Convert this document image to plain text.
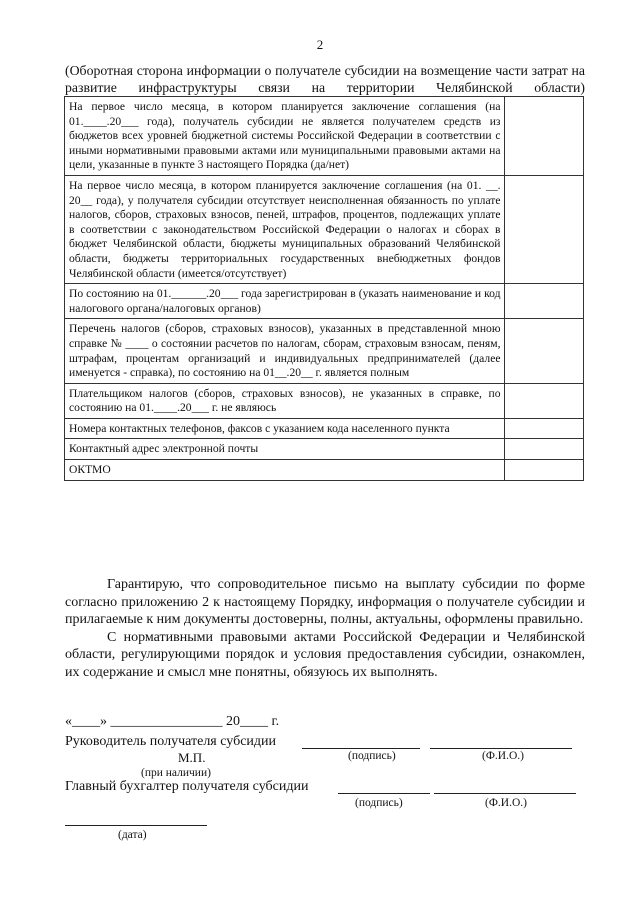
2
(Оборотная сторона информации о получателе субсидии на возмещение части затрат на развитие инфраструктуры связи на территории Челябинской области)
На первое число месяца, в котором планируется заключение соглашения (на 01.____.20___ года), получатель субсидии не является получателем средств из бюджетов всех уровней бюджетной системы Российской Федерации в соответствии с иными нормативными правовыми актами или муниципальными правовыми актами на цели, указанные в пункте 3 настоящего Порядка (да/нет)	
На первое число месяца, в котором планируется заключение соглашения (на 01. __. 20__ года), у получателя субсидии отсутствует неисполненная обязанность по уплате налогов, сборов, страховых взносов, пеней, штрафов, процентов, подлежащих уплате в соответствии с законодательством Российской Федерации о налогах и сборах в бюджет Челябинской области, бюджеты муниципальных образований Челябинской области, бюджеты территориальных государственных внебюджетных фондов Челябинской области (имеется/отсутствует)	
По состоянию на 01.______.20___ года зарегистрирован в (указать наименование и код налогового органа/налоговых органов)	
Перечень налогов (сборов, страховых взносов), указанных в представленной мною справке № ____ о состоянии расчетов по налогам, сборам, страховым взносам, пеням, штрафам, процентам организаций и индивидуальных предпринимателей (далее именуется - справка), по состоянию на 01__.20__ г. является полным	
Плательщиком налогов (сборов, страховых взносов), не указанных в справке, по состоянию на 01.____.20___ г. не являюсь	
Номера контактных телефонов, факсов с указанием кода населенного пункта	
Контактный адрес электронной почты	
ОКТМО	

Гарантирую, что сопроводительное письмо на выплату субсидии по форме согласно приложению 2 к настоящему Порядку, информация о получателе субсидии и прилагаемые к ним документы достоверны, полны, актуальны, оформлены правильно.

С нормативными правовыми актами Российской Федерации и Челябинской области, регулирующими порядок и условия предоставления субсидии, ознакомлен, их содержание и смысл мне понятны, обязуюсь их выполнять.

«____» ________________ 20____ г.
Руководитель получателя субсидии
(подпись)	(Ф.И.О.)
М.П.
(при наличии)
Главный бухгалтер получателя субсидии
(подпись)	(Ф.И.О.)
(дата)
